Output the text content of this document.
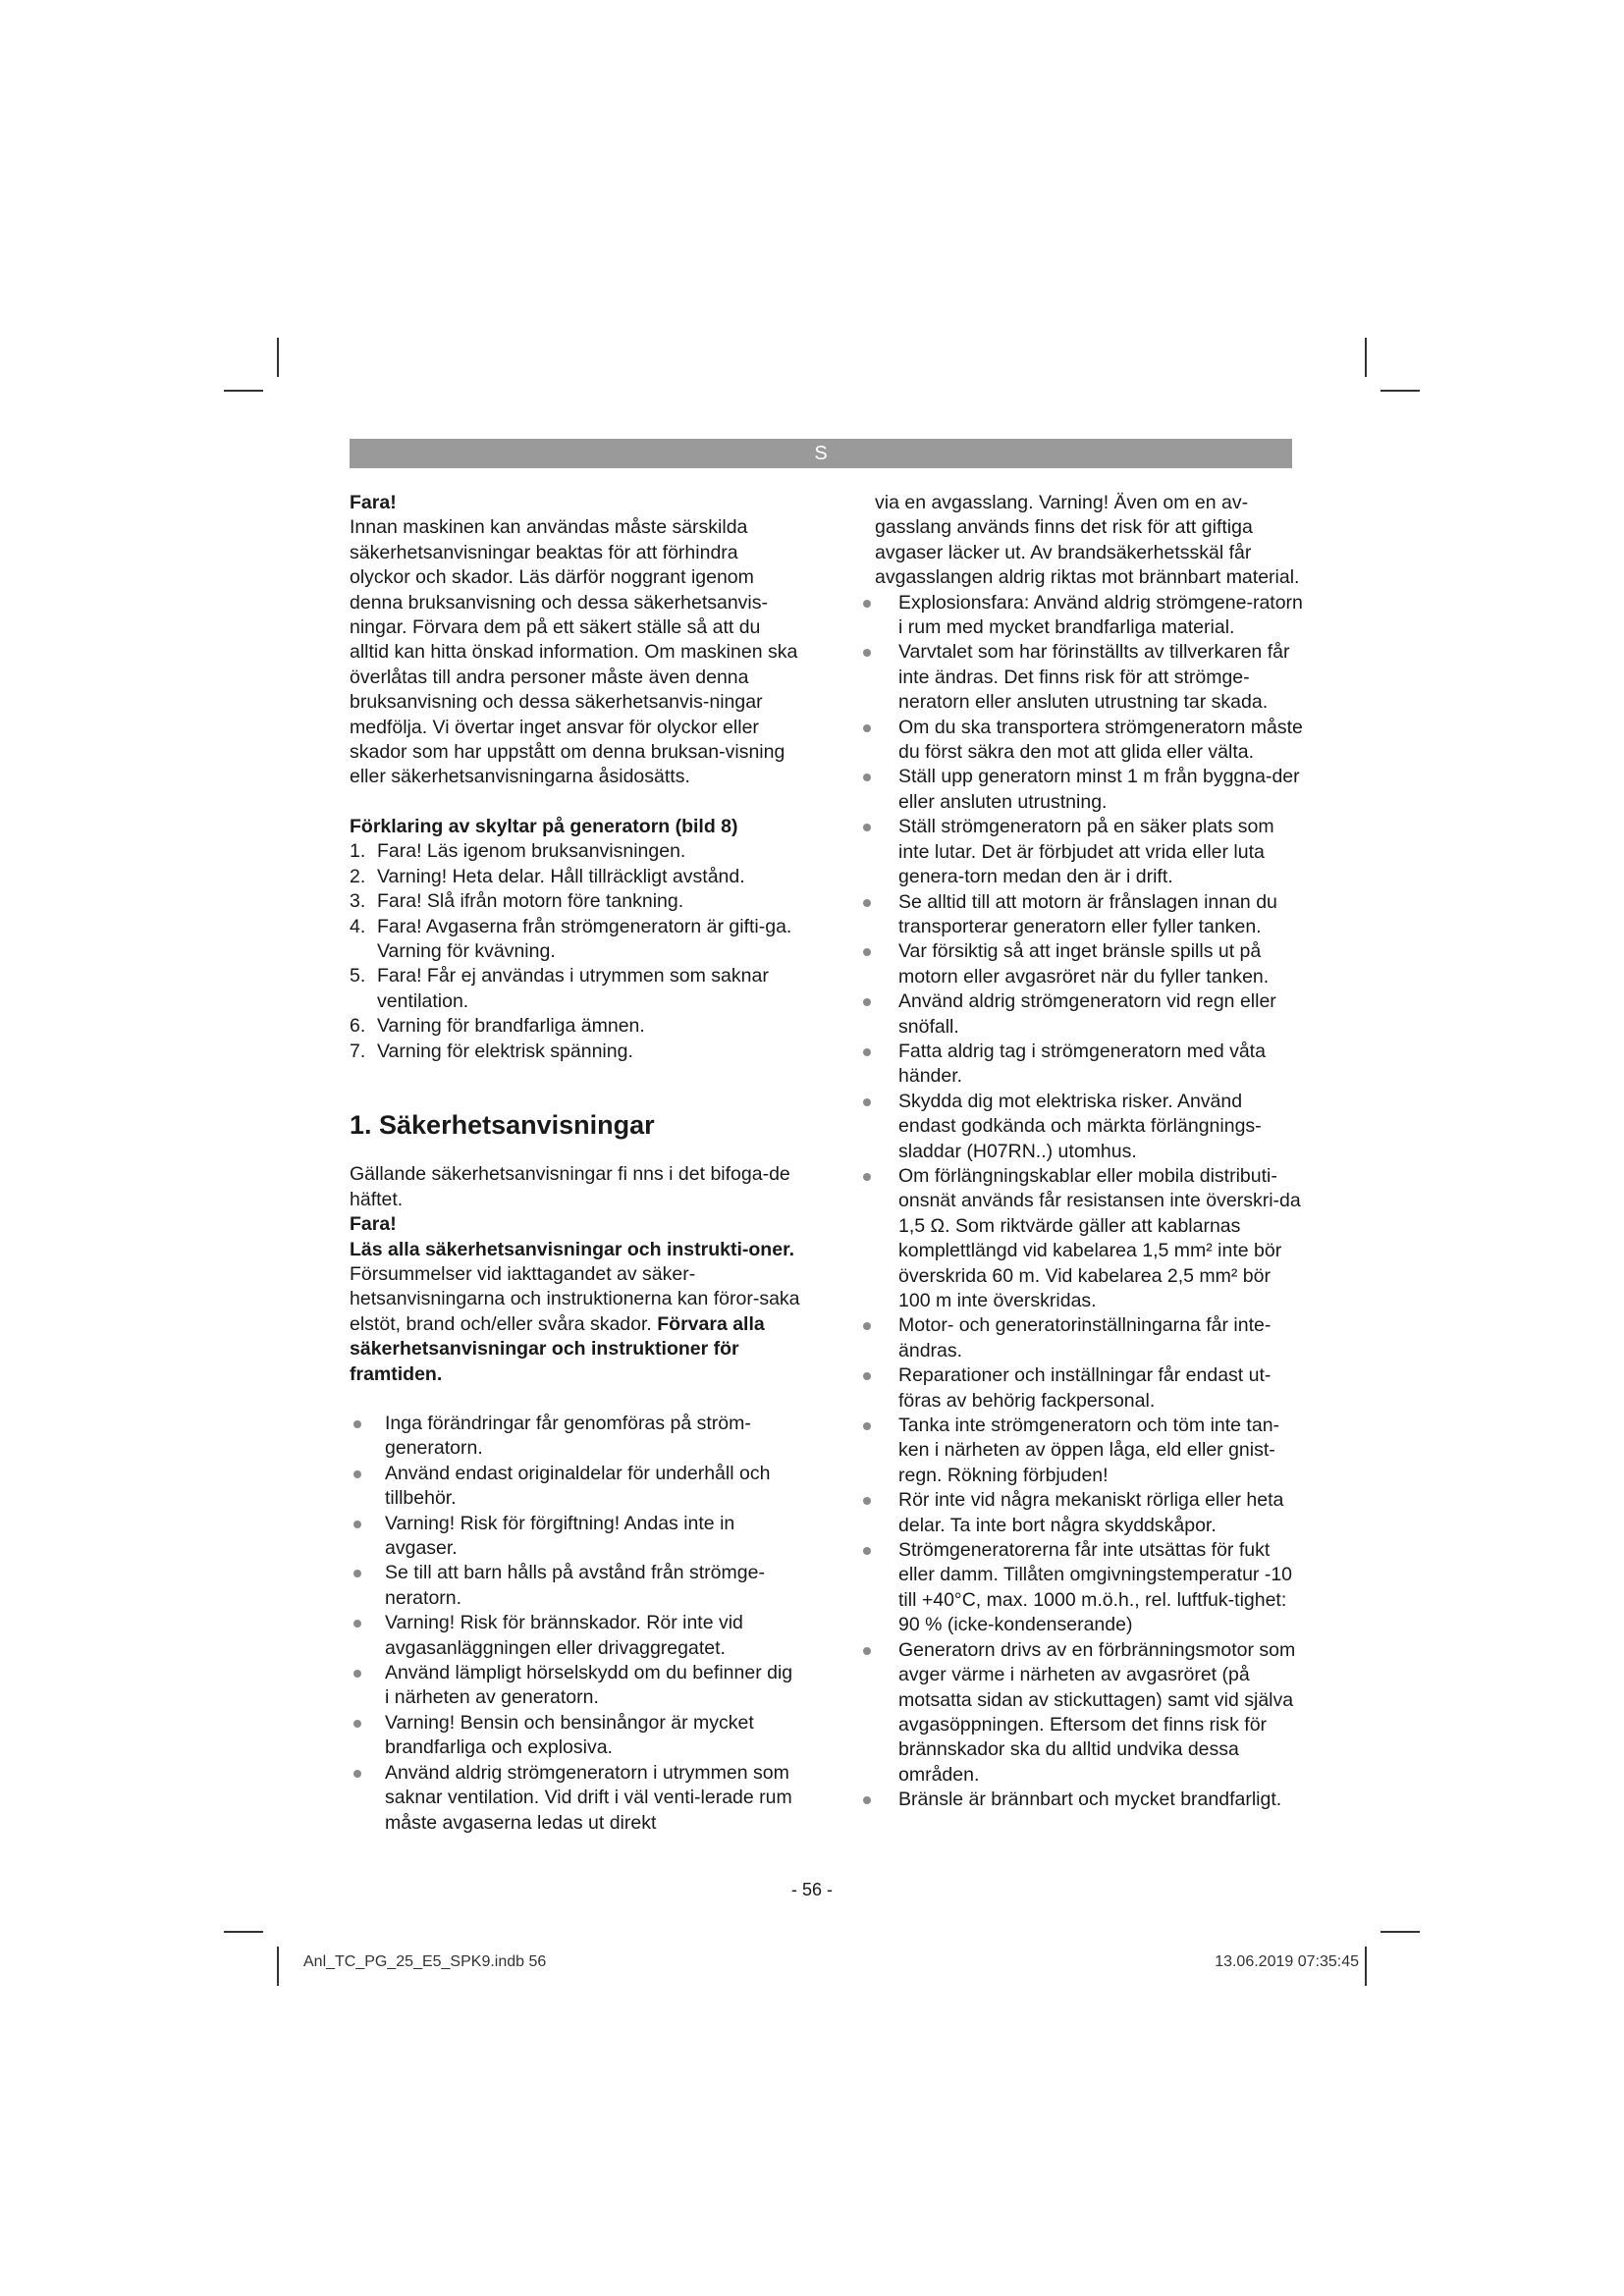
S

Fara!

Innan maskinen kan användas måste särskilda säkerhetsanvisningar beaktas för att förhindra olyckor och skador. Läs därför noggrant igenom denna bruksanvisning och dessa säkerhetsanvis-ningar. Förvara dem på ett säkert ställe så att du alltid kan hitta önskad information. Om maskinen ska överlåtas till andra personer måste även denna bruksanvisning och dessa säkerhetsanvis-ningar medfölja. Vi övertar inget ansvar för olyckor eller skador som har uppstått om denna bruksan-visning eller säkerhetsanvisningarna åsidosätts.

Förklaring av skyltar på generatorn (bild 8)

1. Fara! Läs igenom bruksanvisningen.
2. Varning! Heta delar. Håll tillräckligt avstånd.
3. Fara! Slå ifrån motorn före tankning.
4. Fara! Avgaserna från strömgeneratorn är gifti-ga. Varning för kvävning.
5. Fara! Får ej användas i utrymmen som saknar ventilation.
6. Varning för brandfarliga ämnen.
7. Varning för elektrisk spänning.

1. Säkerhetsanvisningar

Gällande säkerhetsanvisningar fi nns i det bifoga-de häftet.

Fara!

Läs alla säkerhetsanvisningar och instrukti-oner. Försummelser vid iakttagandet av säker-hetsanvisningarna och instruktionerna kan föror-saka elstöt, brand och/eller svåra skador. Förvara alla säkerhetsanvisningar och instruktioner för framtiden.

Inga förändringar får genomföras på ström-generatorn.
Använd endast originaldelar för underhåll och tillbehör.
Varning! Risk för förgiftning! Andas inte in avgaser.
Se till att barn hålls på avstånd från strömge-neratorn.
Varning! Risk för brännskador. Rör inte vid avgasanläggningen eller drivaggregatet.
Använd lämpligt hörselskydd om du befinner dig i närheten av generatorn.
Varning! Bensin och bensinångor är mycket brandfarliga och explosiva.
Använd aldrig strömgeneratorn i utrymmen som saknar ventilation. Vid drift i väl venti-lerade rum måste avgaserna ledas ut direkt

via en avgasslang. Varning! Även om en av-gasslang används finns det risk för att giftiga avgaser läcker ut. Av brandsäkerhetsskäl får avgasslangen aldrig riktas mot brännbart material.

Explosionsfara: Använd aldrig strömgene-ratorn i rum med mycket brandfarliga material.
Varvtalet som har förinställts av tillverkaren får inte ändras. Det finns risk för att strömge-neratorn eller ansluten utrustning tar skada.
Om du ska transportera strömgeneratorn måste du först säkra den mot att glida eller välta.
Ställ upp generatorn minst 1 m från byggna-der eller ansluten utrustning.
Ställ strömgeneratorn på en säker plats som inte lutar. Det är förbjudet att vrida eller luta genera-torn medan den är i drift.
Se alltid till att motorn är frånslagen innan du transporterar generatorn eller fyller tanken.
Var försiktig så att inget bränsle spills ut på motorn eller avgasröret när du fyller tanken.
Använd aldrig strömgeneratorn vid regn eller snöfall.
Fatta aldrig tag i strömgeneratorn med våta händer.
Skydda dig mot elektriska risker. Använd endast godkända och märkta förlängnings-sladdar (H07RN..) utomhus.
Om förlängningskablar eller mobila distributi-onsnät används får resistansen inte överskri-da 1,5 Ω. Som riktvärde gäller att kablarnas komplettlängd vid kabelarea 1,5 mm² inte bör överskrida 60 m. Vid kabelarea 2,5 mm² bör 100 m inte överskridas.
Motor- och generatorinställningarna får inte-ändras.
Reparationer och inställningar får endast ut-föras av behörig fackpersonal.
Tanka inte strömgeneratorn och töm inte tan-ken i närheten av öppen låga, eld eller gnist-regn. Rökning förbjuden!
Rör inte vid några mekaniskt rörliga eller heta delar. Ta inte bort några skyddskåpor.
Strömgeneratorerna får inte utsättas för fukt eller damm. Tillåten omgivningstemperatur -10 till +40°C, max. 1000 m.ö.h., rel. luftfuk-tighet: 90 % (icke-kondenserande)
Generatorn drivs av en förbränningsmotor som avger värme i närheten av avgasröret (på motsatta sidan av stickuttagen) samt vid själva avgasöppningen. Eftersom det finns risk för brännskador ska du alltid undvika dessa områden.
Bränsle är brännbart och mycket brandfarligt.
- 56 -
Anl_TC_PG_25_E5_SPK9.indb 56	13.06.2019 07:35:45
